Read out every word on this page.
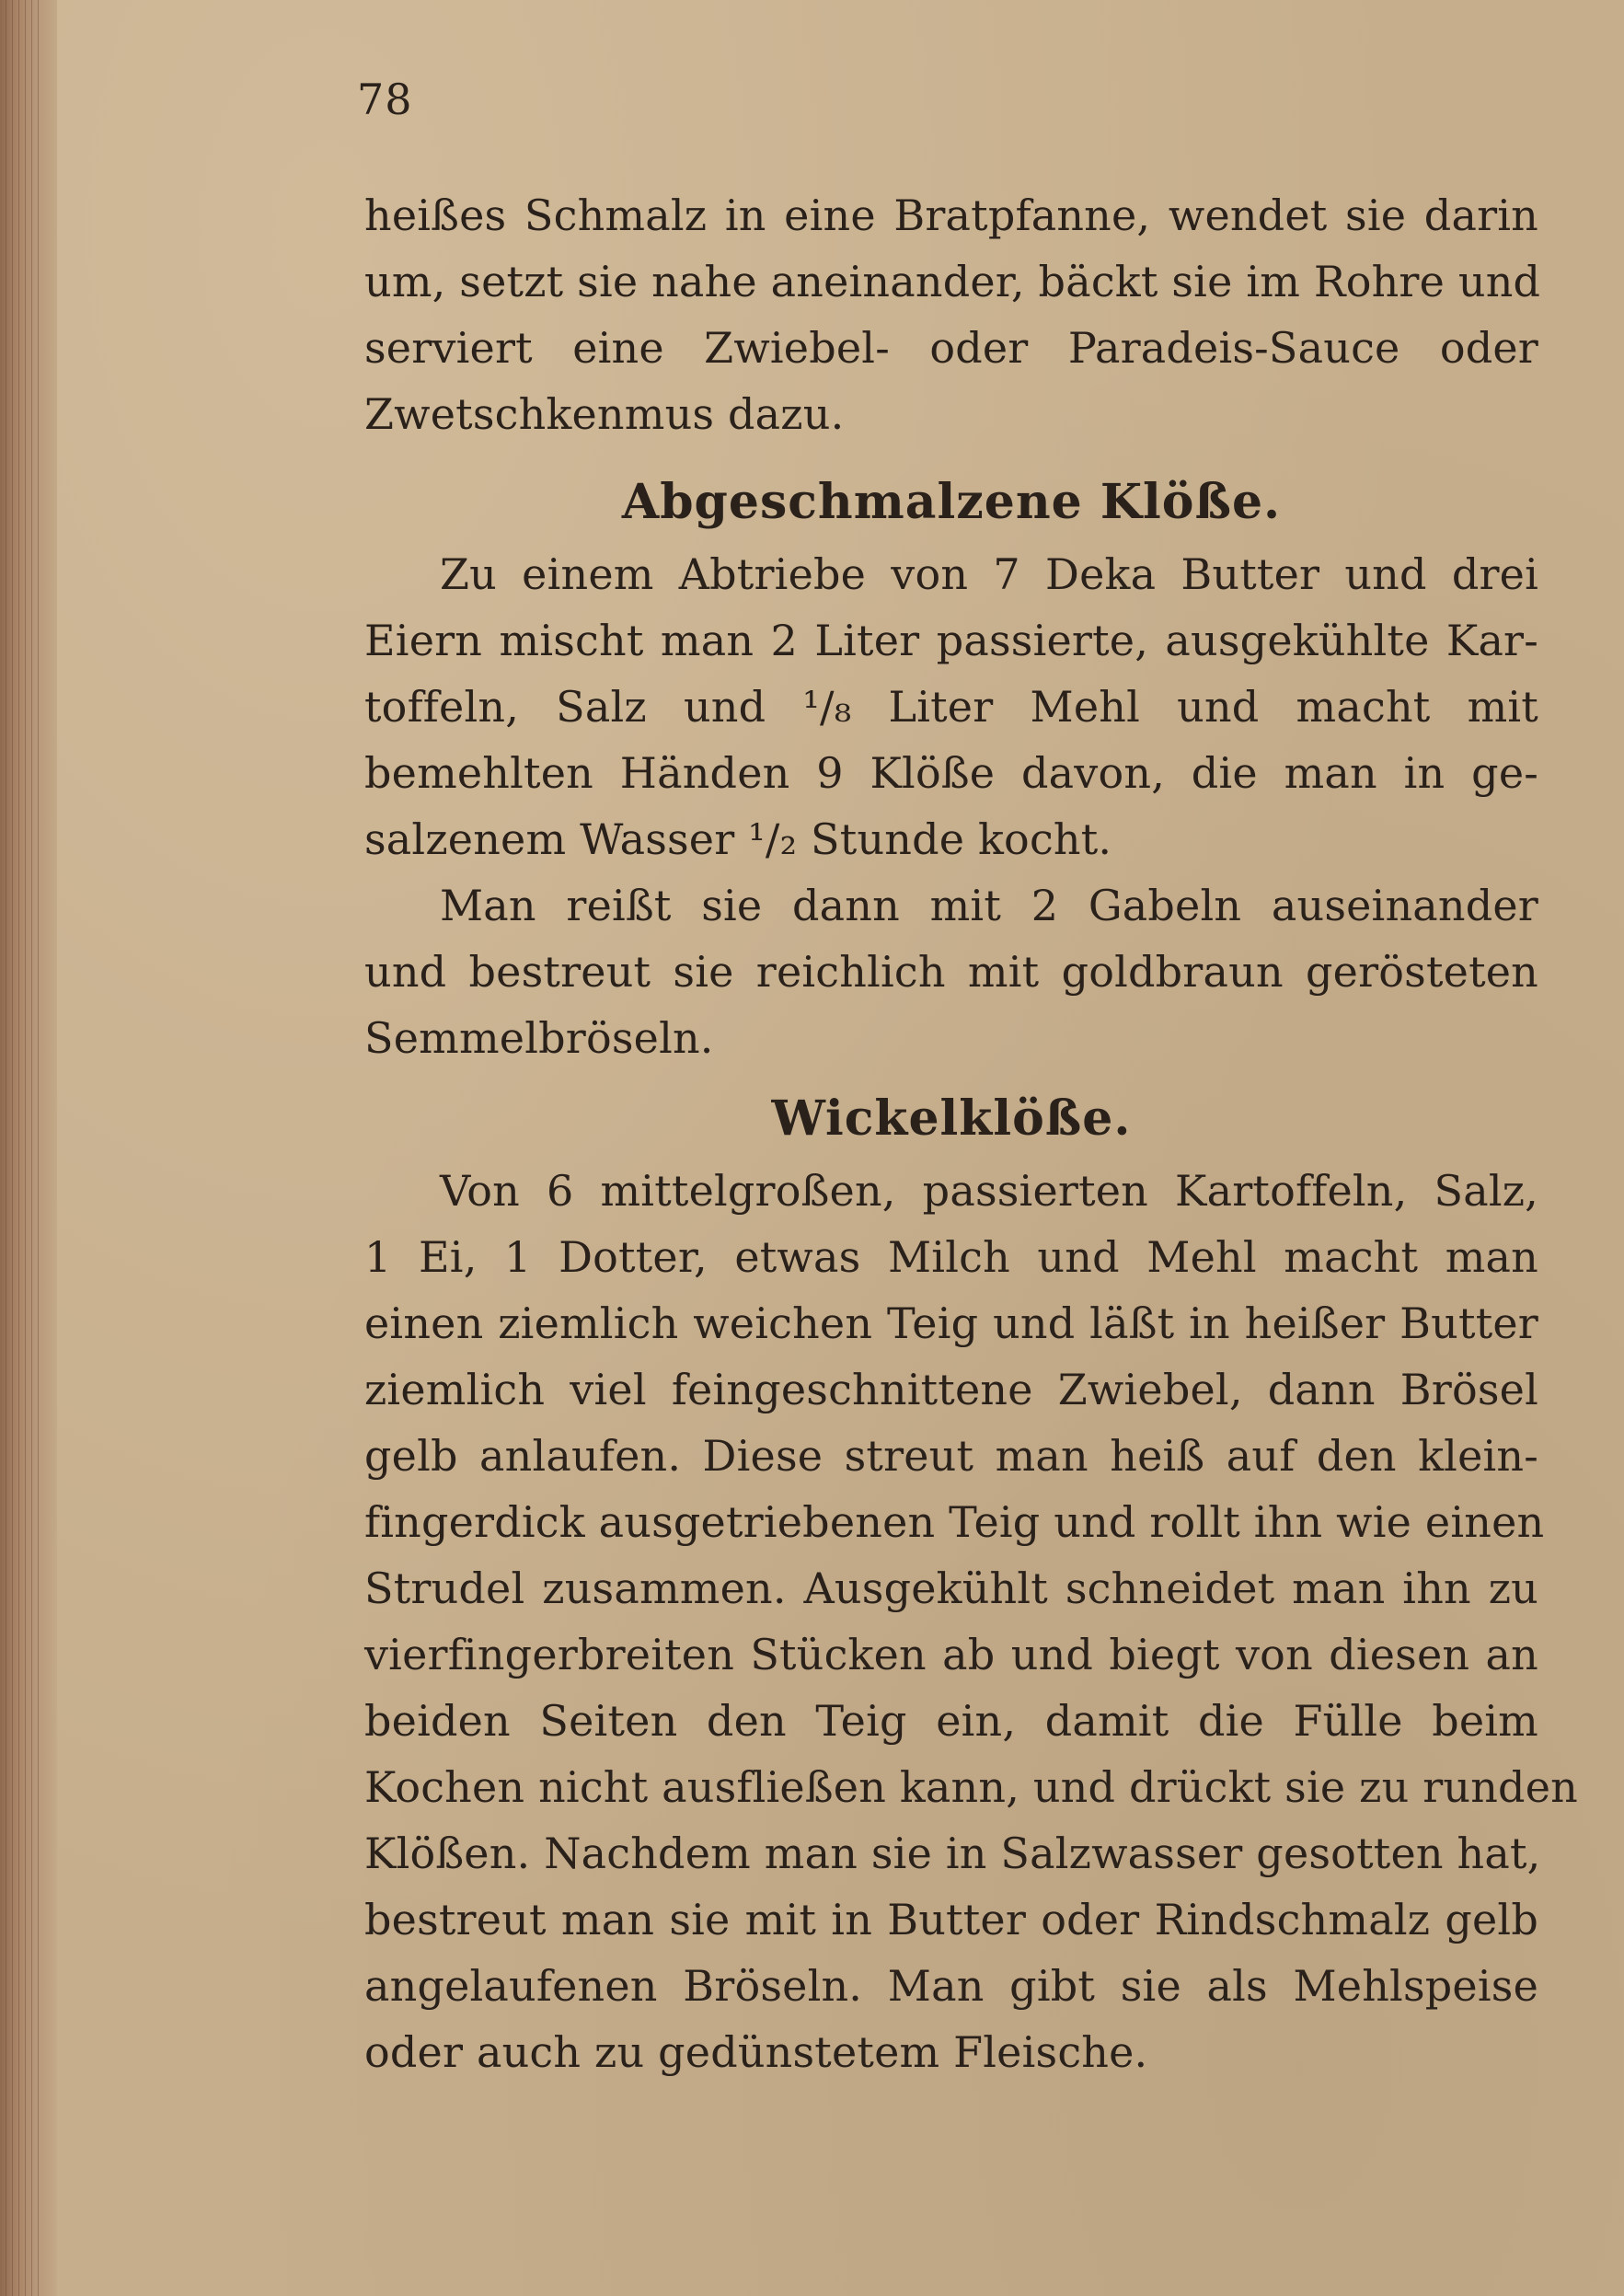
78
heißes Schmalz in eine Bratpfanne, wendet sie darin
um, setzt sie nahe aneinander, bäckt sie im Rohre und
serviert eine Zwiebel- oder Paradeis-Sauce oder
Zwetschkenmus dazu.
Abgeschmalzene Klöße.
Zu einem Abtriebe von 7 Deka Butter und drei
Eiern mischt man 2 Liter passierte, ausgekühlte Kar-
toffeln, Salz und ¹/₈ Liter Mehl und macht mit
bemehlten Händen 9 Klöße davon, die man in ge-
salzenem Wasser ¹/₂ Stunde kocht.
Man reißt sie dann mit 2 Gabeln auseinander
und bestreut sie reichlich mit goldbraun gerösteten
Semmelbröseln.
Wickelklöße.
Von 6 mittelgroßen, passierten Kartoffeln, Salz,
1 Ei, 1 Dotter, etwas Milch und Mehl macht man
einen ziemlich weichen Teig und läßt in heißer Butter
ziemlich viel feingeschnittene Zwiebel, dann Brösel
gelb anlaufen. Diese streut man heiß auf den klein-
fingerdick ausgetriebenen Teig und rollt ihn wie einen
Strudel zusammen. Ausgekühlt schneidet man ihn zu
vierfingerbreiten Stücken ab und biegt von diesen an
beiden Seiten den Teig ein, damit die Fülle beim
Kochen nicht ausfließen kann, und drückt sie zu runden
Klößen. Nachdem man sie in Salzwasser gesotten hat,
bestreut man sie mit in Butter oder Rindschmalz gelb
angelaufenen Bröseln. Man gibt sie als Mehlspeise
oder auch zu gedünstetem Fleische.
